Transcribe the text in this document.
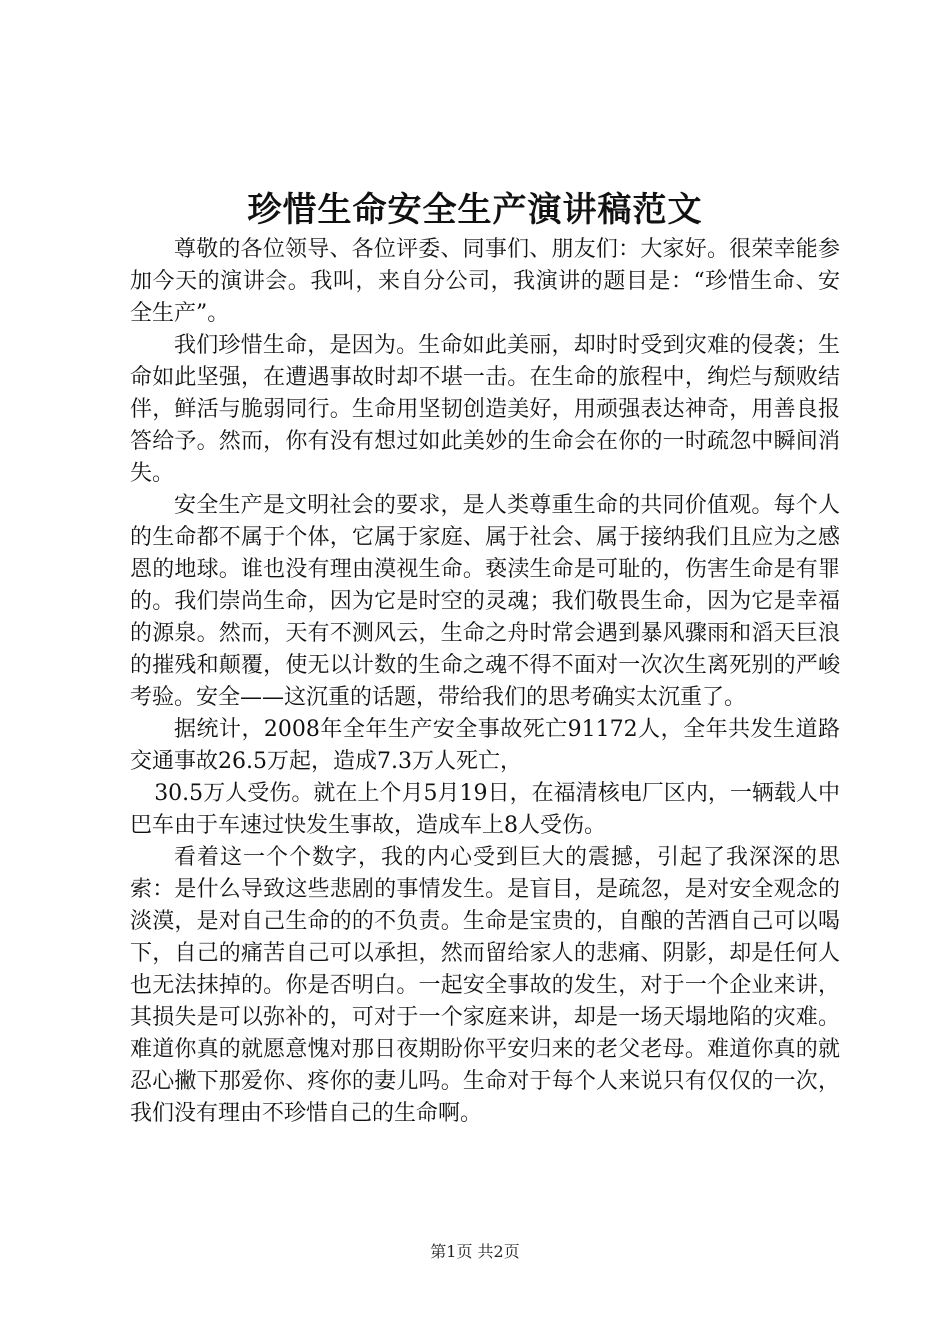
珍惜生命安全生产演讲稿范文

尊敬的各位领导、各位评委、同事们、朋友们：大家好。很荣幸能参加今天的演讲会。我叫，来自分公司，我演讲的题目是：“珍惜生命、安全生产”。

我们珍惜生命，是因为。生命如此美丽，却时时受到灾难的侵袭；生命如此坚强，在遭遇事故时却不堪一击。在生命的旅程中，绚烂与颓败结伴，鲜活与脆弱同行。生命用坚韧创造美好，用顽强表达神奇，用善良报答给予。然而，你有没有想过如此美妙的生命会在你的一时疏忽中瞬间消失。

安全生产是文明社会的要求，是人类尊重生命的共同价值观。每个人的生命都不属于个体，它属于家庭、属于社会、属于接纳我们且应为之感恩的地球。谁也没有理由漠视生命。亵渎生命是可耻的，伤害生命是有罪的。我们崇尚生命，因为它是时空的灵魂；我们敬畏生命，因为它是幸福的源泉。然而，天有不测风云，生命之舟时常会遇到暴风骤雨和滔天巨浪的摧残和颠覆，使无以计数的生命之魂不得不面对一次次生离死别的严峻考验。安全——这沉重的话题，带给我们的思考确实太沉重了。

据统计，2008年全年生产安全事故死亡91172人，全年共发生道路交通事故26.5万起，造成7.3万人死亡，

30.5万人受伤。就在上个月5月19日，在福清核电厂区内，一辆载人中巴车由于车速过快发生事故，造成车上8人受伤。

看着这一个个数字，我的内心受到巨大的震撼，引起了我深深的思索：是什么导致这些悲剧的事情发生。是盲目，是疏忽，是对安全观念的淡漠，是对自己生命的的不负责。生命是宝贵的，自酿的苦酒自己可以喝下，自己的痛苦自己可以承担，然而留给家人的悲痛、阴影，却是任何人也无法抹掉的。你是否明白。一起安全事故的发生，对于一个企业来讲，其损失是可以弥补的，可对于一个家庭来讲，却是一场天塌地陷的灾难。难道你真的就愿意愧对那日夜期盼你平安归来的老父老母。难道你真的就忍心撇下那爱你、疼你的妻儿吗。生命对于每个人来说只有仅仅的一次，我们没有理由不珍惜自己的生命啊。

第1页 共2页
